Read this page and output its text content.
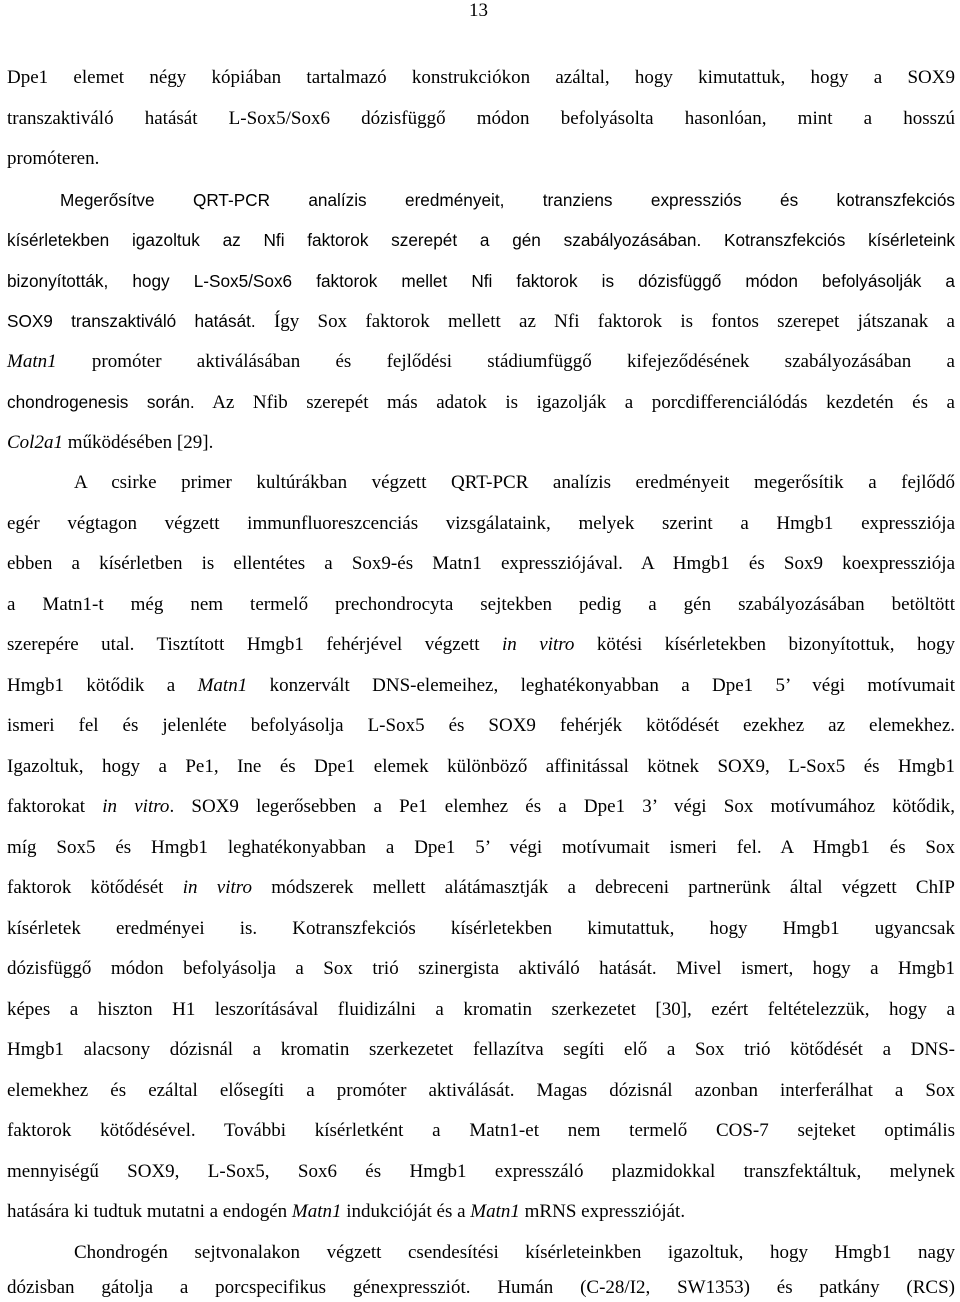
13
Dpe1 elemet négy kópiában tartalmazó konstrukciókon azáltal, hogy kimutattuk, hogy a SOX9
transzaktiváló hatását L-Sox5/Sox6 dózisfüggő módon befolyásolta hasonlóan, mint a hosszú
promóteren.
Megerősítve QRT-PCR analízis eredményeit, tranziens expressziós és kotranszfekciós
kísérletekben igazoltuk az Nfi faktorok szerepét a gén szabályozásában. Kotranszfekciós kísérleteink
bizonyították, hogy L-Sox5/Sox6 faktorok mellet Nfi faktorok is dózisfüggő módon befolyásolják a
SOX9 transzaktiváló hatását. Így Sox faktorok mellett az Nfi faktorok is fontos szerepet játszanak a
Matn1 promóter aktiválásában és fejlődési stádiumfüggő kifejeződésének szabályozásában a
chondrogenesis során. Az Nfib szerepét más adatok is igazolják a porcdifferenciálódás kezdetén és a
Col2a1 működésében [29].
A csirke primer kultúrákban végzett QRT-PCR analízis eredményeit megerősítik a fejlődő
egér végtagon végzett immunfluoreszcenciás vizsgálataink, melyek szerint a Hmgb1 expressziója
ebben a kísérletben is ellentétes a Sox9-és Matn1 expressziójával. A Hmgb1 és Sox9 koexpressziója
a Matn1-t még nem termelő prechondrocyta sejtekben pedig a gén szabályozásában betöltött
szerepére utal. Tisztított Hmgb1 fehérjével végzett in vitro kötési kísérletekben bizonyítottuk, hogy
Hmgb1 kötődik a Matn1 konzervált DNS-elemeihez, leghatékonyabban a Dpe1 5’ végi motívumait
ismeri fel és jelenléte befolyásolja L-Sox5 és SOX9 fehérjék kötődését ezekhez az elemekhez.
Igazoltuk, hogy a Pe1, Ine és Dpe1 elemek különböző affinitással kötnek SOX9, L-Sox5 és Hmgb1
faktorokat in vitro. SOX9 legerősebben a Pe1 elemhez és a Dpe1 3’ végi Sox motívumához kötődik,
míg Sox5 és Hmgb1 leghatékonyabban a Dpe1 5’ végi motívumait ismeri fel. A Hmgb1 és Sox
faktorok kötődését in vitro módszerek mellett alátámasztják a debreceni partnerünk által végzett ChIP
kísérletek eredményei is. Kotranszfekciós kísérletekben kimutattuk, hogy Hmgb1 ugyancsak
dózisfüggő módon befolyásolja a Sox trió szinergista aktiváló hatását. Mivel ismert, hogy a Hmgb1
képes a hiszton H1 leszorításával fluidizálni a kromatin szerkezetet [30], ezért feltételezzük, hogy a
Hmgb1 alacsony dózisnál a kromatin szerkezetet fellazítva segíti elő a Sox trió kötődését a DNS-
elemekhez és ezáltal elősegíti a promóter aktiválását. Magas dózisnál azonban interferálhat a Sox
faktorok kötődésével. További kísérletként a Matn1-et nem termelő COS-7 sejteket optimális
mennyiségű SOX9, L-Sox5, Sox6 és Hmgb1 expresszáló plazmidokkal transzfektáltuk, melynek
hatására ki tudtuk mutatni a endogén Matn1 indukcióját és a Matn1 mRNS expresszióját.
Chondrogén sejtvonalakon végzett csendesítési kísérleteinkben igazoltuk, hogy Hmgb1 nagy
dózisban gátolja a porcspecifikus génexpressziót. Humán (C-28/I2, SW1353) és patkány (RCS)
